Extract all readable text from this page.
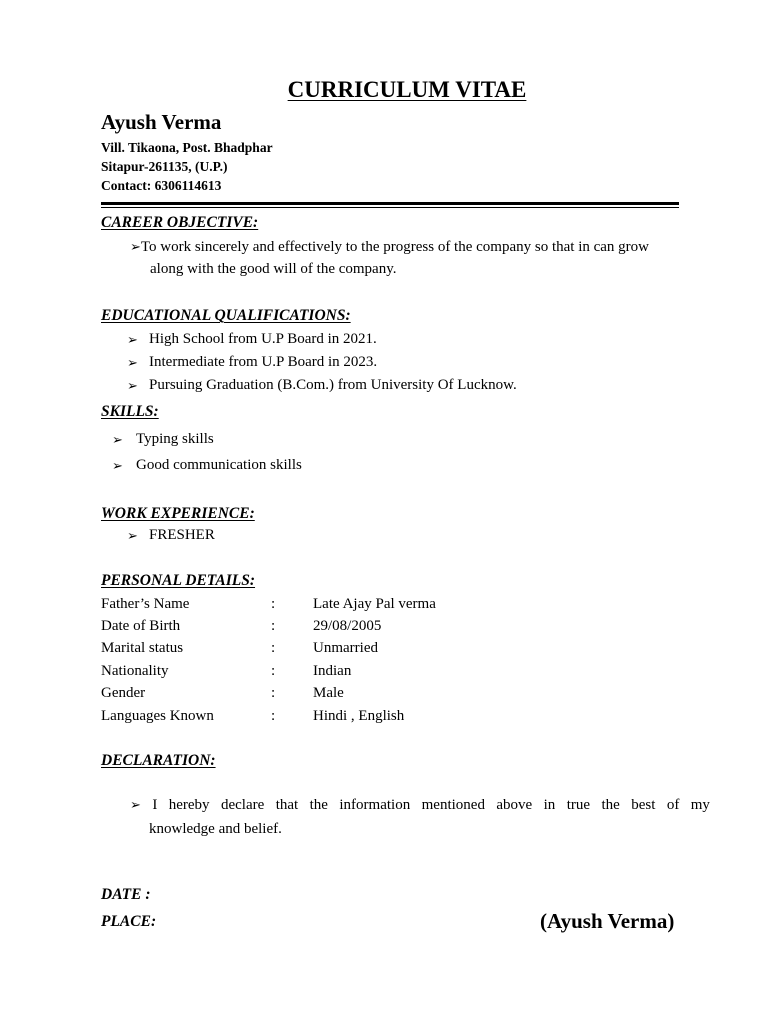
CURRICULUM VITAE
Ayush Verma
Vill. Tikaona, Post. Bhadphar
Sitapur-261135, (U.P.)
Contact: 6306114613
CAREER OBJECTIVE:
➢To work sincerely and effectively to the progress of the company so that in can grow
along with the good will of the company.
EDUCATIONAL QUALIFICATIONS:
➢ High School from U.P Board in 2021.
➢ Intermediate from U.P Board in 2023.
➢ Pursuing Graduation (B.Com.) from University Of Lucknow.
SKILLS:
➢ Typing skills
➢ Good communication skills
WORK EXPERIENCE:
➢ FRESHER
PERSONAL DETAILS:
Father’s Name	:	Late Ajay Pal verma
Date of Birth	:	29/08/2005
Marital status	:	Unmarried
Nationality	:	Indian
Gender	:	Male
Languages Known	:	Hindi , English
DECLARATION:
➢ I hereby declare that the information mentioned above in true the best of my
knowledge and belief.
DATE :
PLACE:	(Ayush Verma)
